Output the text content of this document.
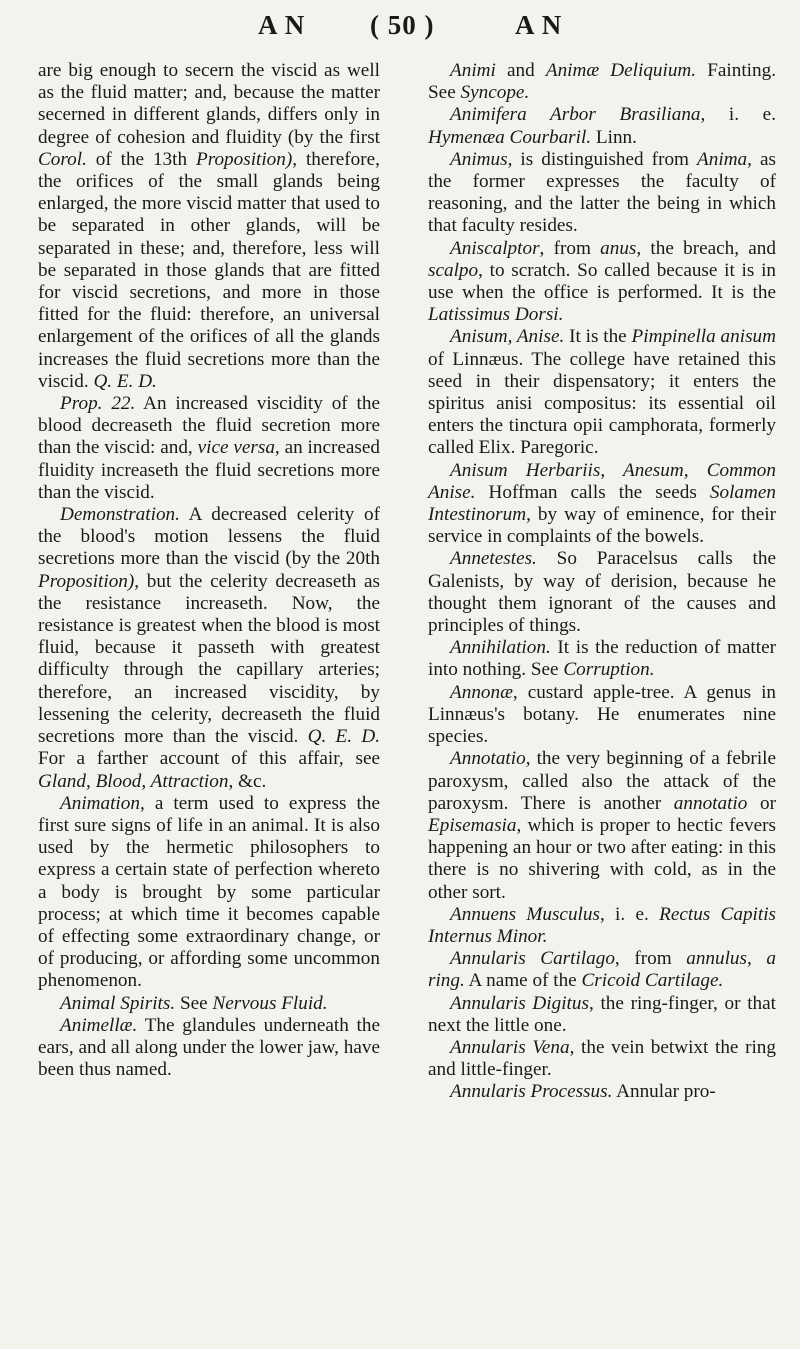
A N ( 50 )	A N

are big enough to secern the viscid as well as the fluid matter; and, because the matter secerned in different glands, differs only in degree of cohesion and fluidity (by the first Corol. of the 13th Proposition), therefore, the orifices of the small glands being enlarged, the more viscid matter that used to be separated in other glands, will be separated in these; and, therefore, less will be separated in those glands that are fitted for viscid secretions, and more in those fitted for the fluid: therefore, an universal enlargement of the orifices of all the glands increases the fluid secretions more than the viscid. Q. E. D.

Prop. 22. An increased viscidity of the blood decreaseth the fluid secretion more than the viscid: and, vice versa, an increased fluidity increaseth the fluid secretions more than the viscid.

Demonstration. A decreased celerity of the blood's motion lessens the fluid secretions more than the viscid (by the 20th Proposition), but the celerity decreaseth as the resistance increaseth. Now, the resistance is greatest when the blood is most fluid, because it passeth with greatest difficulty through the capillary arteries; therefore, an increased viscidity, by lessening the celerity, decreaseth the fluid secretions more than the viscid. Q. E. D. For a farther account of this affair, see Gland, Blood, Attraction, &c.

Animation, a term used to express the first sure signs of life in an animal. It is also used by the hermetic philosophers to express a certain state of perfection whereto a body is brought by some particular process; at which time it becomes capable of effecting some extraordinary change, or of producing, or affording some uncommon phenomenon.

Animal Spirits. See Nervous Fluid.

Animellæ. The glandules underneath the ears, and all along under the lower jaw, have been thus named.

Animi and Animæ Deliquium. Fainting. See Syncope.

Animifera Arbor Brasiliana, i. e. Hymenæa Courbaril. Linn.

Animus, is distinguished from Anima, as the former expresses the faculty of reasoning, and the latter the being in which that faculty resides.

Aniscalptor, from anus, the breach, and scalpo, to scratch. So called because it is in use when the office is performed. It is the Latissimus Dorsi.

Anisum, Anise. It is the Pimpinella anisum of Linnæus. The college have retained this seed in their dispensatory; it enters the spiritus anisi compositus: its essential oil enters the tinctura opii camphorata, formerly called Elix. Paregoric.

Anisum Herbariis, Anesum, Common Anise. Hoffman calls the seeds Solamen Intestinorum, by way of eminence, for their service in complaints of the bowels.

Annetestes. So Paracelsus calls the Galenists, by way of derision, because he thought them ignorant of the causes and principles of things.

Annihilation. It is the reduction of matter into nothing. See Corruption.

Annonæ, custard apple-tree. A genus in Linnæus's botany. He enumerates nine species.

Annotatio, the very beginning of a febrile paroxysm, called also the attack of the paroxysm. There is another annotatio or Episemasia, which is proper to hectic fevers happening an hour or two after eating: in this there is no shivering with cold, as in the other sort.

Annuens Musculus, i. e. Rectus Capitis Internus Minor.

Annularis Cartilago, from annulus, a ring. A name of the Cricoid Cartilage.

Annularis Digitus, the ring-finger, or that next the little one.

Annularis Vena, the vein betwixt the ring and little-finger.

Annularis Processus. Annular pro-
